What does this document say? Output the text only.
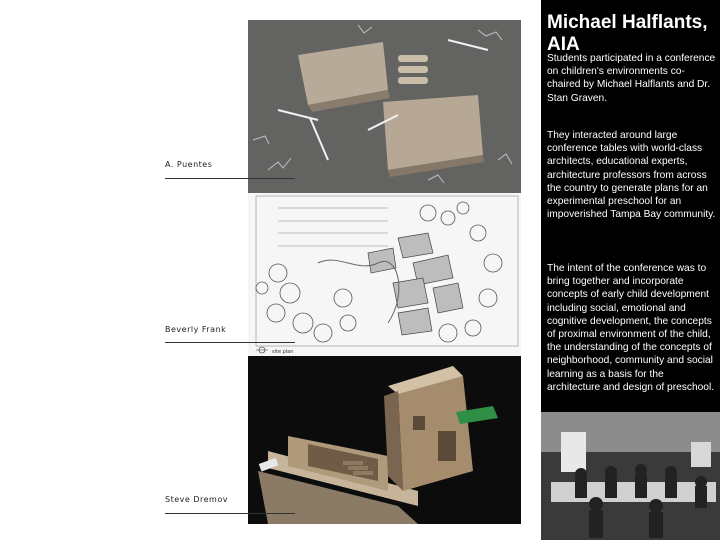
A. Puentes
site plan
Beverly Frank
Steve Dremov
Michael Halflants, AIA
Students participated in a conference on children's environments co-chaired by Michael Halflants and Dr. Stan Graven.
They interacted around large conference tables with world-class architects, educational experts, architecture professors from across the country to generate plans for an experimental preschool for an impoverished Tampa Bay community.
The intent of the conference was to bring together and incorporate concepts of early child development including social, emotional and cognitive development, the concepts of proximal environment of the child, the understanding of the concepts of neighborhood, community and social learning as a basis for the architecture and design of preschool.
